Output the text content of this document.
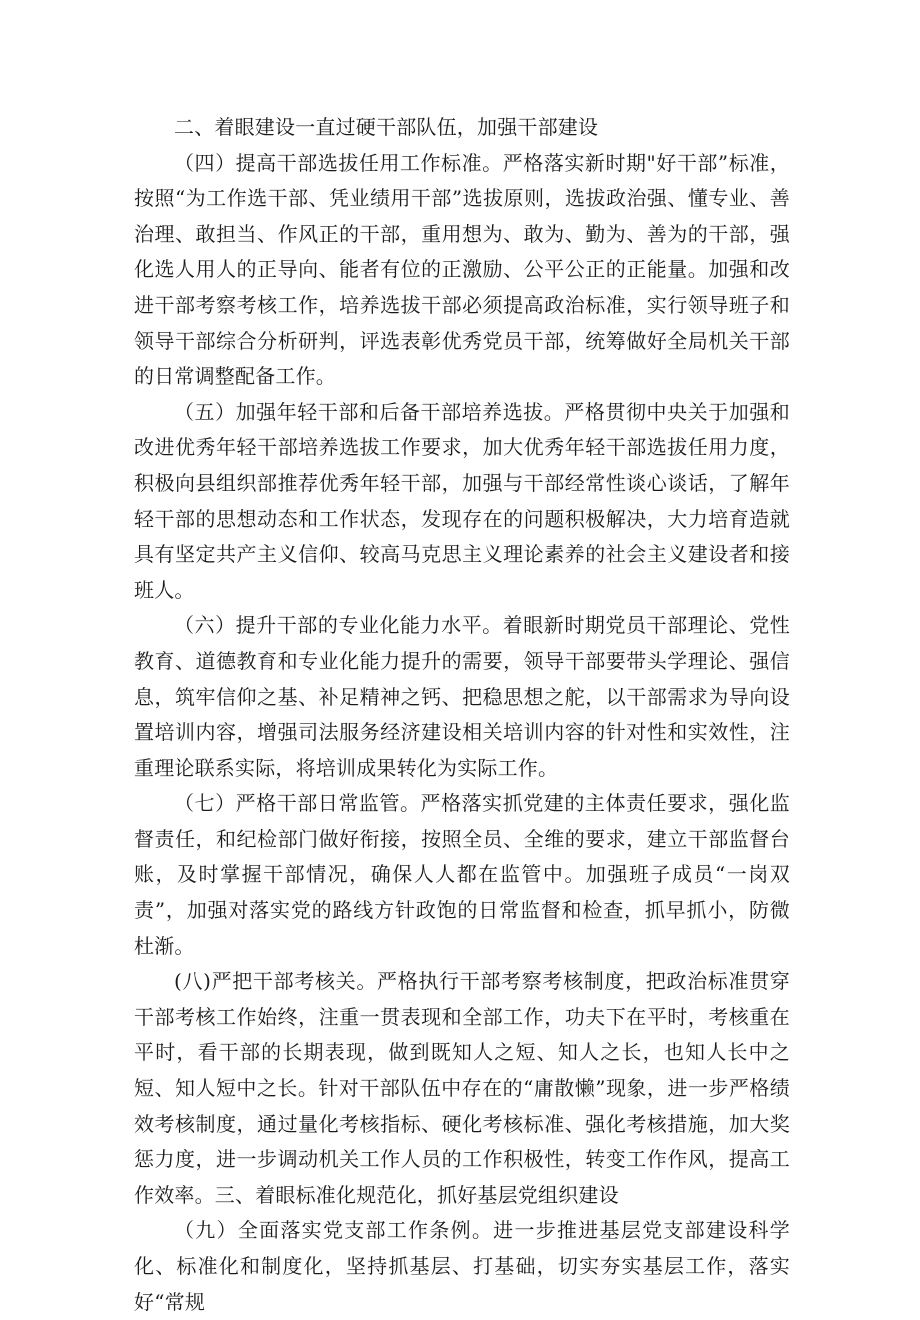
二、着眼建设一直过硬干部队伍，加强干部建设

（四）提高干部选拔任用工作标准。严格落实新时期"好干部”标准，按照“为工作选干部、凭业绩用干部”选拔原则，选拔政治强、懂专业、善治理、敢担当、作风正的干部，重用想为、敢为、勤为、善为的干部，强化选人用人的正导向、能者有位的正激励、公平公正的正能量。加强和改进干部考察考核工作，培养选拔干部必须提高政治标准，实行领导班子和领导干部综合分析研判，评选表彰优秀党员干部，统筹做好全局机关干部的日常调整配备工作。

（五）加强年轻干部和后备干部培养选拔。严格贯彻中央关于加强和改进优秀年轻干部培养选拔工作要求，加大优秀年轻干部选拔任用力度，积极向县组织部推荐优秀年轻干部，加强与干部经常性谈心谈话，了解年轻干部的思想动态和工作状态，发现存在的问题积极解决，大力培育造就具有坚定共产主义信仰、较高马克思主义理论素养的社会主义建设者和接班人。

（六）提升干部的专业化能力水平。着眼新时期党员干部理论、党性教育、道德教育和专业化能力提升的需要，领导干部要带头学理论、强信息，筑牢信仰之基、补足精神之钙、把稳思想之舵，以干部需求为导向设置培训内容，增强司法服务经济建设相关培训内容的针对性和实效性，注重理论联系实际，将培训成果转化为实际工作。

（七）严格干部日常监管。严格落实抓党建的主体责任要求，强化监督责任，和纪检部门做好衔接，按照全员、全维的要求，建立干部监督台账，及时掌握干部情况，确保人人都在监管中。加强班子成员“一岗双责”，加强对落实党的路线方针政饱的日常监督和检查，抓早抓小，防微杜渐。

(八)严把干部考核关。严格执行干部考察考核制度，把政治标准贯穿干部考核工作始终，注重一贯表现和全部工作，功夫下在平时，考核重在平时，看干部的长期表现，做到既知人之短、知人之长，也知人长中之短、知人短中之长。针对干部队伍中存在的“庸散懒”现象，进一步严格绩效考核制度，通过量化考核指标、硬化考核标准、强化考核措施，加大奖惩力度，进一步调动机关工作人员的工作积极性，转变工作作风，提高工作效率。三、着眼标准化规范化，抓好基层党组织建设

（九）全面落实党支部工作条例。进一步推进基层党支部建设科学化、标准化和制度化，坚持抓基层、打基础，切实夯实基层工作，落实好“常规
